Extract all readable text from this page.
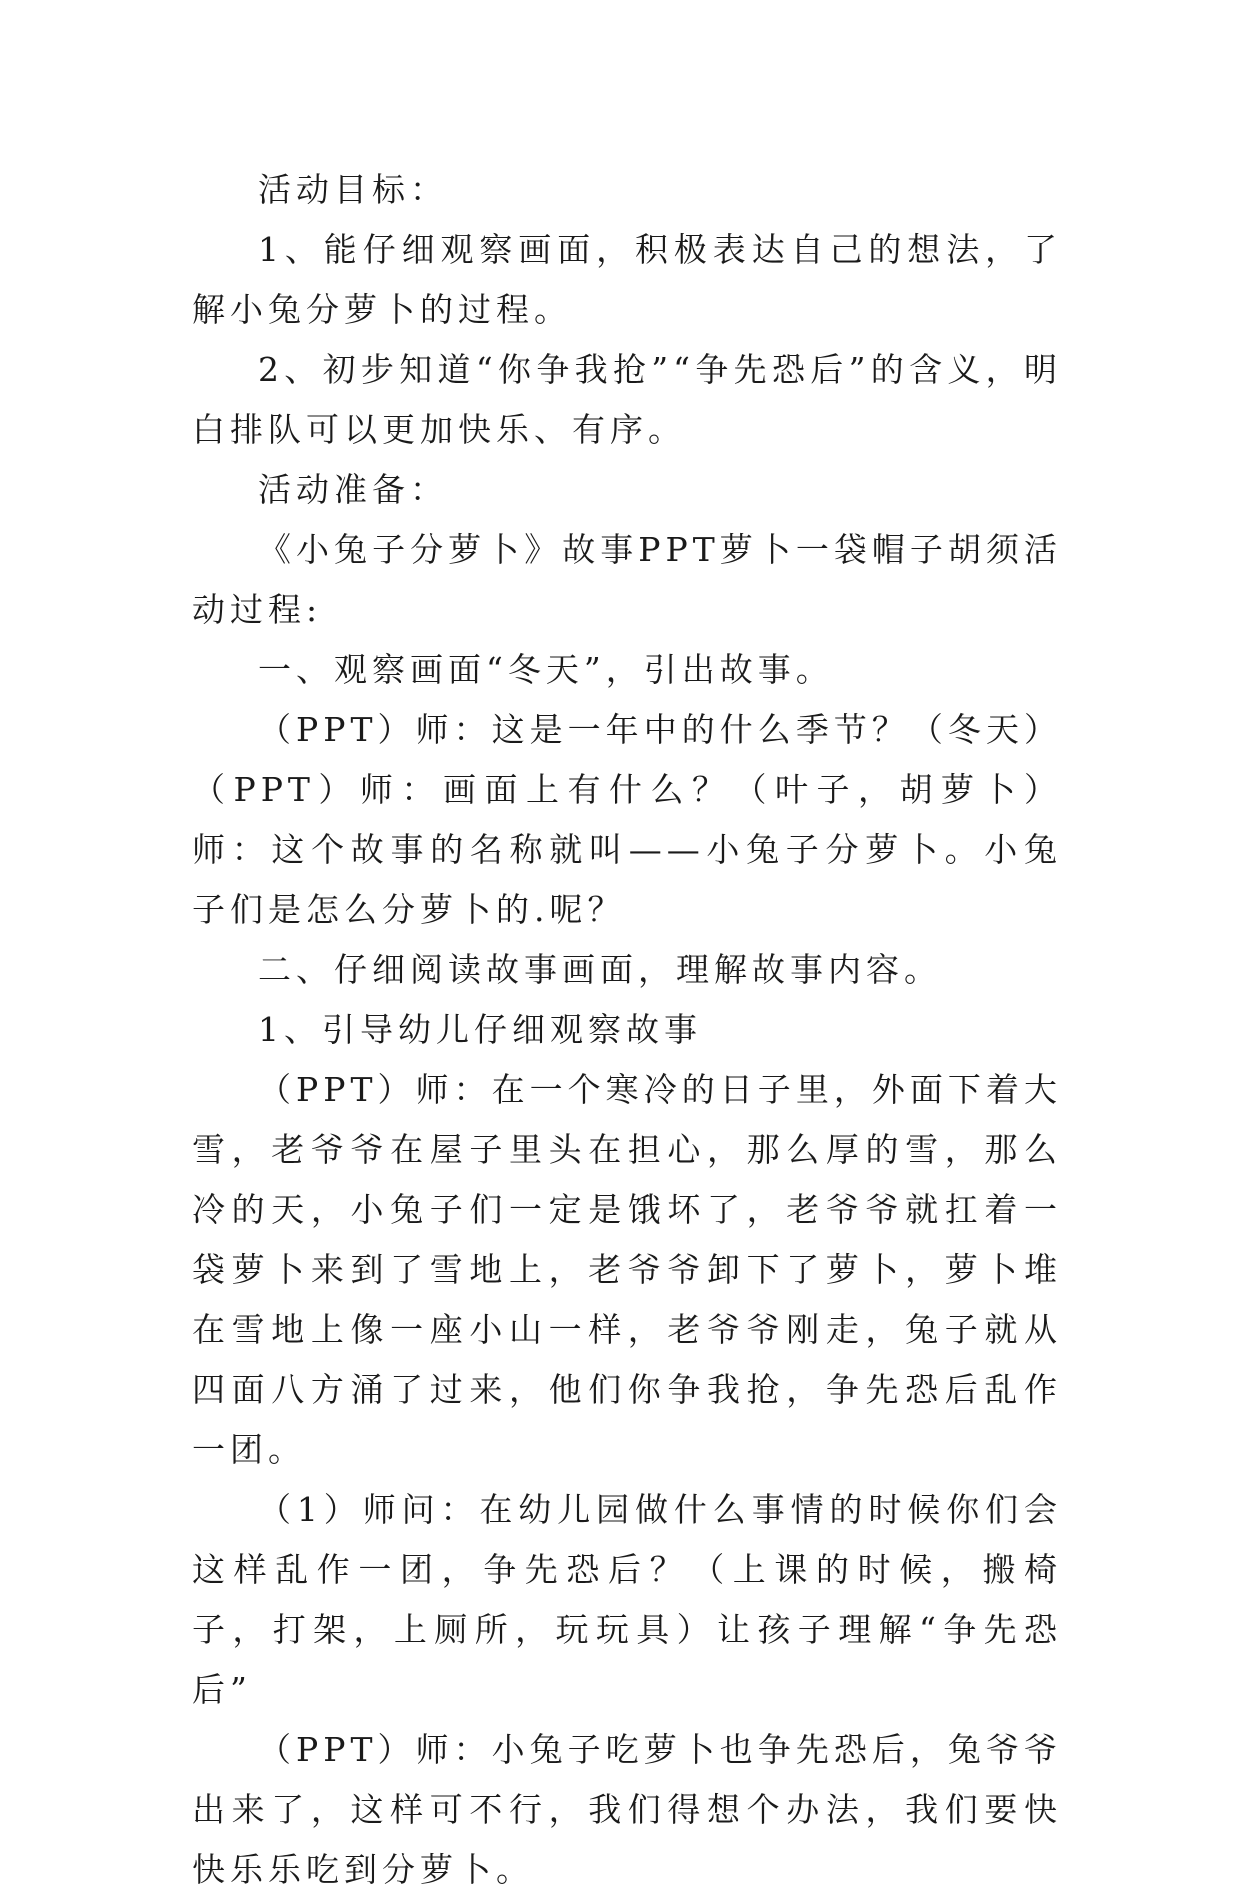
活动目标：

1、能仔细观察画面，积极表达自己的想法，了解小兔分萝卜的过程。

2、初步知道“你争我抢”“争先恐后”的含义，明白排队可以更加快乐、有序。

活动准备：

《小兔子分萝卜》故事PPT萝卜一袋帽子胡须活动过程:

一、观察画面“冬天”，引出故事。

（PPT）师：这是一年中的什么季节？（冬天）（PPT）师：画面上有什么？（叶子，胡萝卜）师：这个故事的名称就叫——小兔子分萝卜。小兔子们是怎么分萝卜的.呢？

二、仔细阅读故事画面，理解故事内容。

1、引导幼儿仔细观察故事

（PPT）师：在一个寒冷的日子里，外面下着大雪，老爷爷在屋子里头在担心，那么厚的雪，那么冷的天，小兔子们一定是饿坏了，老爷爷就扛着一袋萝卜来到了雪地上，老爷爷卸下了萝卜，萝卜堆在雪地上像一座小山一样，老爷爷刚走，兔子就从四面八方涌了过来，他们你争我抢，争先恐后乱作一团。

（1）师问：在幼儿园做什么事情的时候你们会这样乱作一团，争先恐后？（上课的时候，搬椅子，打架，上厕所，玩玩具）让孩子理解“争先恐后”

（PPT）师：小兔子吃萝卜也争先恐后，兔爷爷出来了，这样可不行，我们得想个办法，我们要快快乐乐吃到分萝卜。
